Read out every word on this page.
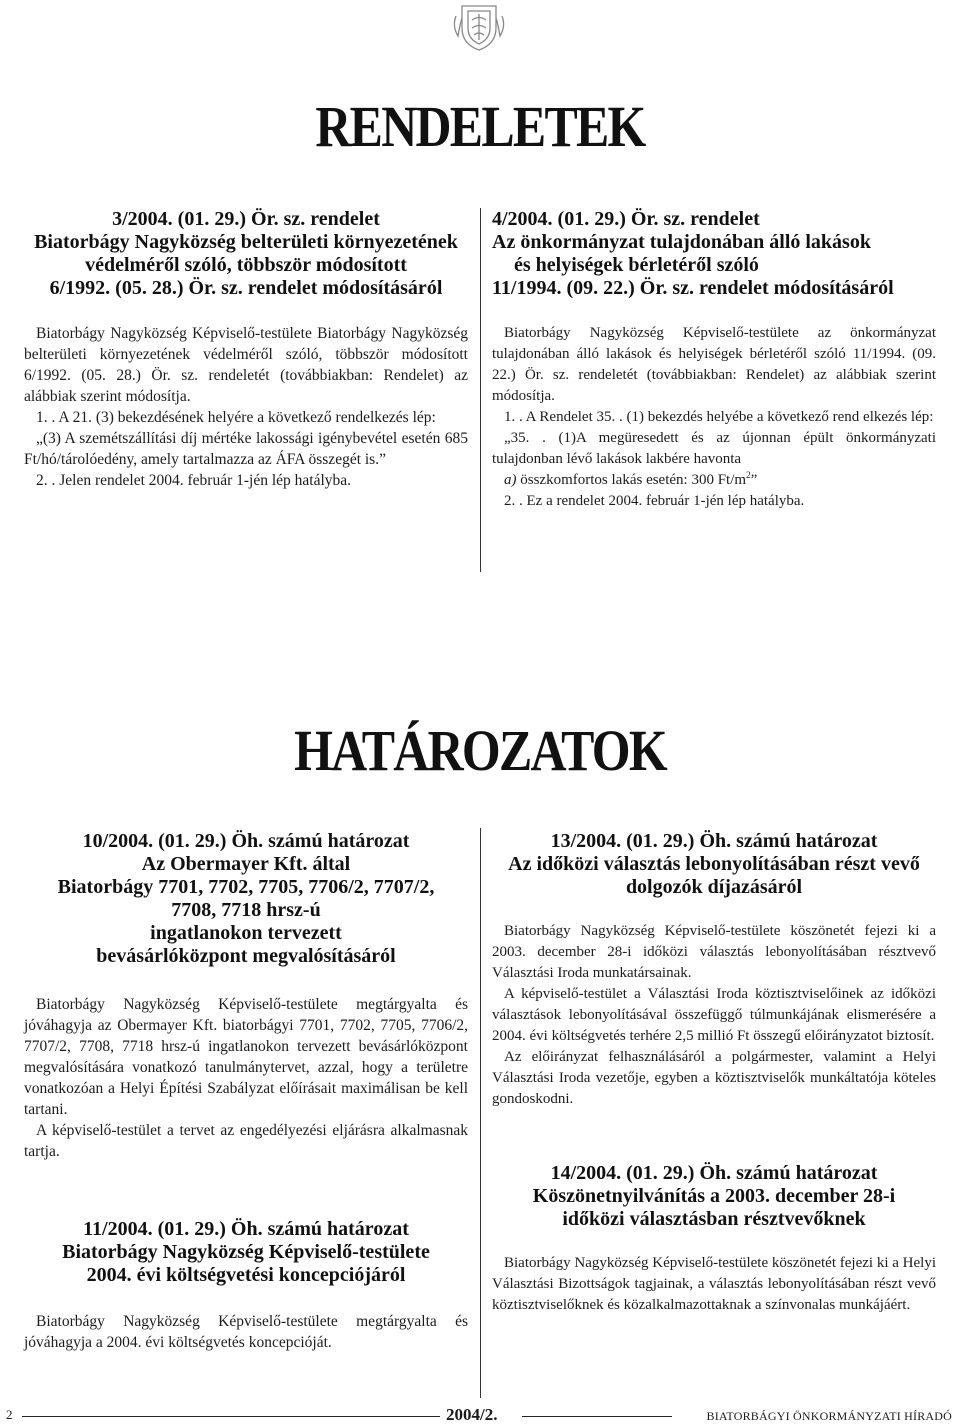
RENDELETEK
3/2004. (01. 29.) Ör. sz. rendelet
Biatorbágy Nagyközség belterületi környezetének
védelméről szóló, többször módosított
6/1992. (05. 28.) Ör. sz. rendelet módosításáról

Biatorbágy Nagyközség Képviselő-testülete Biatorbágy Nagyközség belterületi környezetének védelméről szóló, többször módosított 6/1992. (05. 28.) Ör. sz. rendeletét (továbbiakban: Rendelet) az alábbiak szerint módosítja.

1. . A 21. (3) bekezdésének helyére a következő rendelkezés lép:

„(3) A szemétszállítási díj mértéke lakossági igénybevétel esetén 685 Ft/hó/tárolóedény, amely tartalmazza az ÁFA összegét is.”

2. . Jelen rendelet 2004. február 1-jén lép hatályba.

4/2004. (01. 29.) Ör. sz. rendelet
Az önkormányzat tulajdonában álló lakások
és helyiségek bérletéről szóló
11/1994. (09. 22.) Ör. sz. rendelet módosításáról

Biatorbágy Nagyközség Képviselő-testülete az önkormányzat tulajdonában álló lakások és helyiségek bérletéről szóló 11/1994. (09. 22.) Ör. sz. rendeletét (továbbiakban: Rendelet) az alábbiak szerint módosítja.

1. . A Rendelet 35. . (1) bekezdés helyébe a következő rend elkezés lép:

„35. . (1)A megüresedett és az újonnan épült önkormányzati tulajdonban lévő lakások lakbére havonta

a) összkomfortos lakás esetén: 300 $Ft/m^2$”

2. . Ez a rendelet 2004. február 1-jén lép hatályba.

HATÁROZATOK
10/2004. (01. 29.) Öh. számú határozat
Az Obermayer Kft. által
Biatorbágy 7701, 7702, 7705, 7706/2, 7707/2,
7708, 7718 hrsz-ú
ingatlanokon tervezett
bevásárlóközpont megvalósításáról

Biatorbágy Nagyközség Képviselő-testülete megtárgyalta és jóváhagyja az Obermayer Kft. biatorbágyi 7701, 7702, 7705, 7706/2, 7707/2, 7708, 7718 hrsz-ú ingatlanokon tervezett bevásárlóközpont megvalósítására vonatkozó tanulmánytervet, azzal, hogy a területre vonatkozóan a Helyi Építési Szabályzat előírásait maximálisan be kell tartani.

A képviselő-testület a tervet az engedélyezési eljárásra alkalmasnak tartja.

11/2004. (01. 29.) Öh. számú határozat
Biatorbágy Nagyközség Képviselő-testülete
2004. évi költségvetési koncepciójáról

Biatorbágy Nagyközség Képviselő-testülete megtárgyalta és jóváhagyja a 2004. évi költségvetés koncepcióját.

13/2004. (01. 29.) Öh. számú határozat
Az időközi választás lebonyolításában részt vevő
dolgozók díjazásáról

Biatorbágy Nagyközség Képviselő-testülete köszönetét fejezi ki a 2003. december 28-i időközi választás lebonyolításában résztvevő Választási Iroda munkatársainak.

A képviselő-testület a Választási Iroda köztisztviselőinek az időközi választások lebonyolításával összefüggő túlmunkájának elismerésére a 2004. évi költségvetés terhére 2,5 millió Ft összegű előirányzatot biztosít.

Az előirányzat felhasználásáról a polgármester, valamint a Helyi Választási Iroda vezetője, egyben a köztisztviselők munkáltatója köteles gondoskodni.

14/2004. (01. 29.) Öh. számú határozat
Köszönetnyilvánítás a 2003. december 28-i
időközi választásban résztvevőknek

Biatorbágy Nagyközség Képviselő-testülete köszönetét fejezi ki a Helyi Választási Bizottságok tagjainak, a választás lebonyolításában részt vevő köztisztviselőknek és közalkalmazottaknak a színvonalas munkájáért.

2	2004/2.	BIATORBÁGYI ÖNKORMÁNYZATI HÍRADÓ
